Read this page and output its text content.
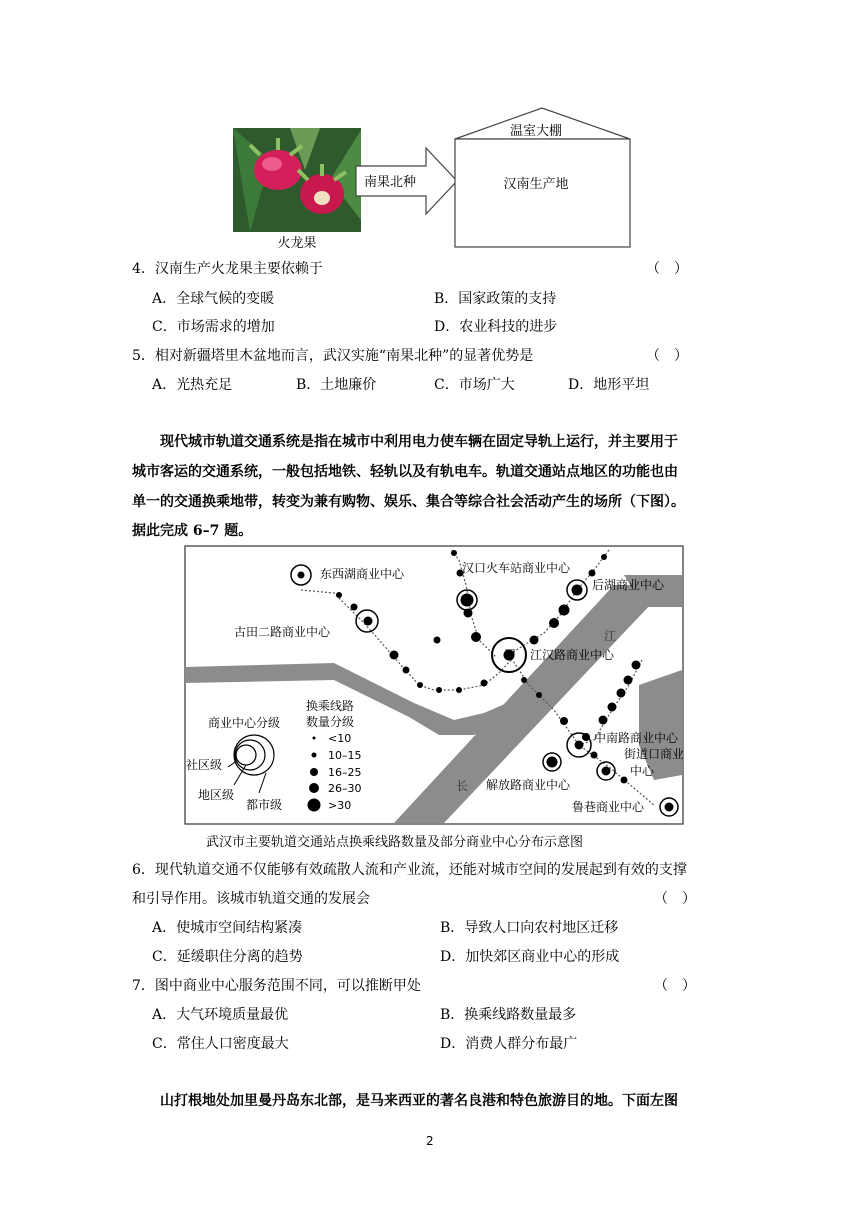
火龙果
南果北种
温室大棚
汉南生产地
4．汉南生产火龙果主要依赖于	（　）
A．全球气候的变暖	B．国家政策的支持
C．市场需求的增加	D．农业科技的进步
5．相对新疆塔里木盆地而言，武汉实施“南果北种”的显著优势是	（　）
A．光热充足	B．土地廉价	C．市场广大	D．地形平坦
现代城市轨道交通系统是指在城市中利用电力使车辆在固定导轨上运行，并主要用于
城市客运的交通系统，一般包括地铁、轻轨以及有轨电车。轨道交通站点地区的功能也由
单一的交通换乘地带，转变为兼有购物、娱乐、集合等综合社会活动产生的场所（下图）。
据此完成 6–7 题。
江
长
东西湖商业中心	汉口火车站商业中心
后湖商业中心
古田二路商业中心
甲 江汉路商业中心
中南路商业中心
街道口商业
中心
解放路商业中心
鲁巷商业中心
商业中心分级
社区级
地区级
都市级
换乘线路
数量分级
<10
10–15
16–25
26–30
>30
武汉市主要轨道交通站点换乘线路数量及部分商业中心分布示意图
6．现代轨道交通不仅能够有效疏散人流和产业流，还能对城市空间的发展起到有效的支撑
和引导作用。该城市轨道交通的发展会	（　）
A．使城市空间结构紧凑	B．导致人口向农村地区迁移
C．延缓职住分离的趋势	D．加快郊区商业中心的形成
7．图中商业中心服务范围不同，可以推断甲处	（　）
A．大气环境质量最优	B．换乘线路数量最多
C．常住人口密度最大	D．消费人群分布最广
山打根地处加里曼丹岛东北部，是马来西亚的著名良港和特色旅游目的地。下面左图
2
